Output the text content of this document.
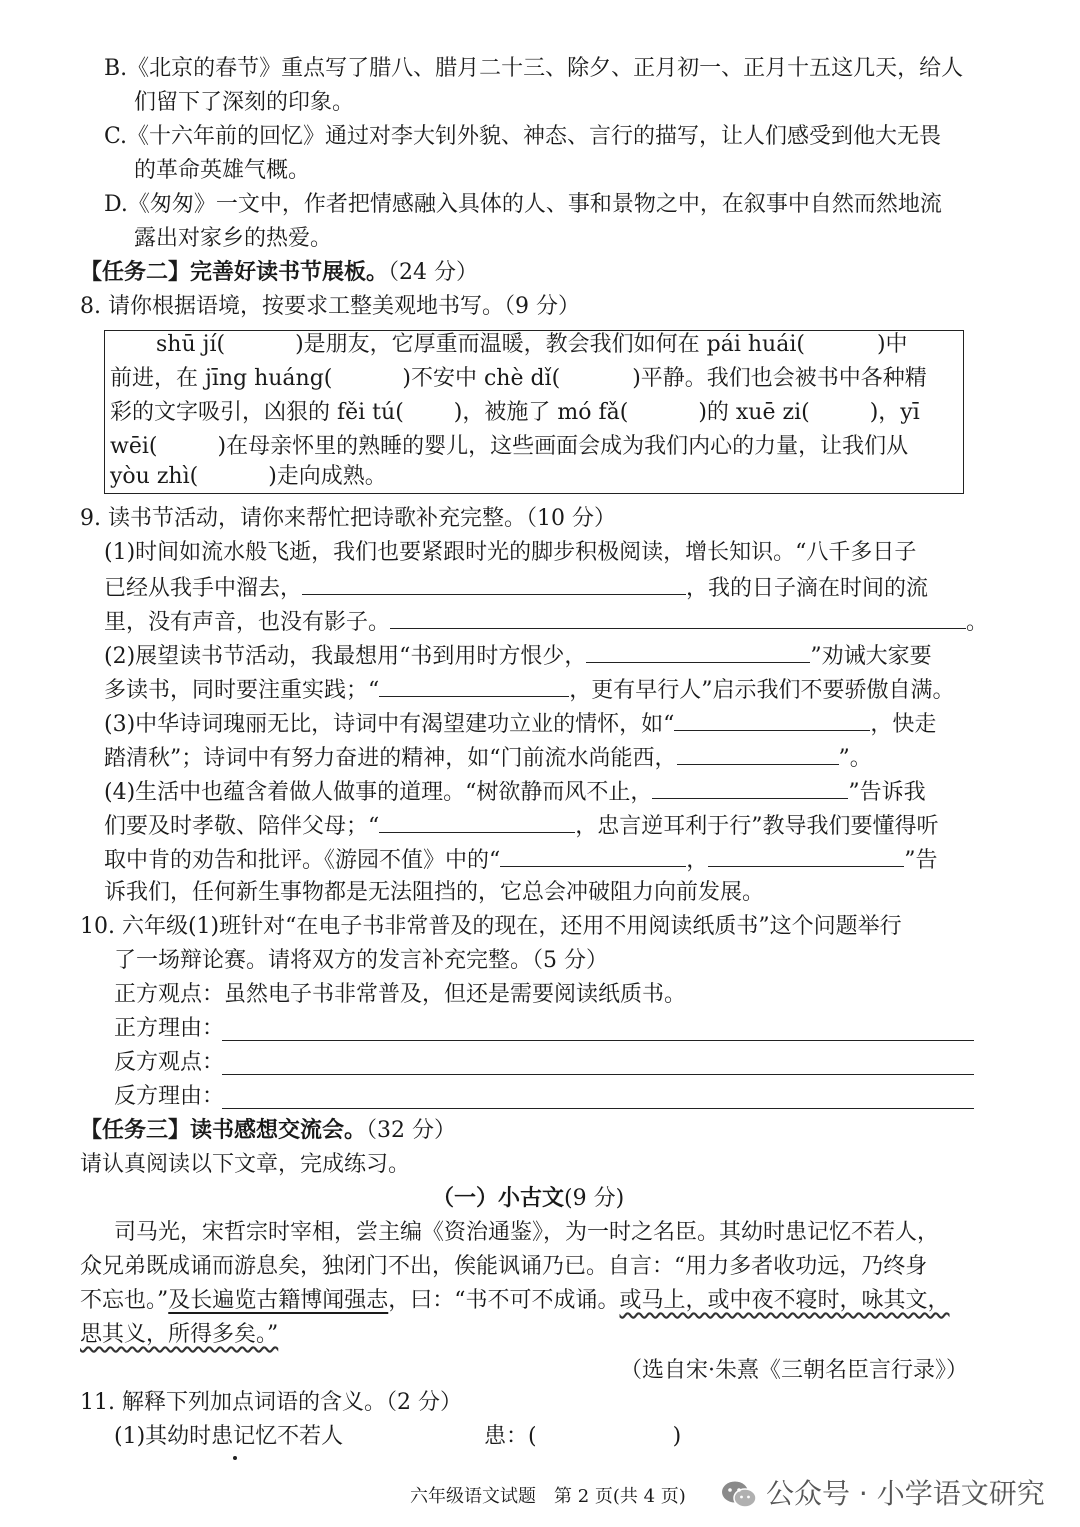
B.《北京的春节》重点写了腊八、腊月二十三、除夕、正月初一、正月十五这几天，给人
们留下了深刻的印象。
C.《十六年前的回忆》通过对李大钊外貌、神态、言行的描写，让人们感受到他大无畏
的革命英雄气概。
D.《匆匆》一文中，作者把情感融入具体的人、事和景物之中，在叙事中自然而然地流
露出对家乡的热爱。
【任务二】完善好读书节展板。（24 分）
8. 请你根据语境，按要求工整美观地书写。（9 分）
shū jí(	)是朋友，它厚重而温暖，教会我们如何在 pái huái(	)中
前进，在 jīng huáng(	)不安中 chè dǐ(	)平静。我们也会被书中各种精
彩的文字吸引，凶狠的 fěi tú( )，被施了 mó fǎ(	)的 xuē zi(	)，yī
wēi(	)在母亲怀里的熟睡的婴儿，这些画面会成为我们内心的力量，让我们从
yòu zhì(	)走向成熟。
9. 读书节活动，请你来帮忙把诗歌补充完整。（10 分）
(1)时间如流水般飞逝，我们也要紧跟时光的脚步积极阅读，增长知识。“八千多日子
已经从我手中溜去，	，我的日子滴在时间的流
里，没有声音，也没有影子。	。
(2)展望读书节活动，我最想用“书到用时方恨少，	”劝诫大家要
多读书，同时要注重实践；“	，更有早行人”启示我们不要骄傲自满。
(3)中华诗词瑰丽无比，诗词中有渴望建功立业的情怀，如“	，快走
踏清秋”；诗词中有努力奋进的精神，如“门前流水尚能西，	”。
(4)生活中也蕴含着做人做事的道理。“树欲静而风不止，	”告诉我
们要及时孝敬、陪伴父母；“	，忠言逆耳利于行”教导我们要懂得听
取中肯的劝告和批评。《游园不值》中的“	，	”告
诉我们，任何新生事物都是无法阻挡的，它总会冲破阻力向前发展。
10. 六年级(1)班针对“在电子书非常普及的现在，还用不用阅读纸质书”这个问题举行
了一场辩论赛。请将双方的发言补充完整。（5 分）
正方观点：虽然电子书非常普及，但还是需要阅读纸质书。
正方理由：
反方观点：
反方理由：
【任务三】读书感想交流会。（32 分）
请认真阅读以下文章，完成练习。
（一）小古文(9 分)
司马光，宋哲宗时宰相，尝主编《资治通鉴》，为一时之名臣。其幼时患记忆不若人，
众兄弟既成诵而游息矣，独闭门不出，俟能讽诵乃已。自言：“用力多者收功远，乃终身
不忘也。”及长遍览古籍博闻强志，曰：“书不可不成诵。或马上，或中夜不寝时，咏其文，
思其义，所得多矣。”
（选自宋·朱熹《三朝名臣言行录》）
11. 解释下列加点词语的含义。（2 分）
(1)其幼时患记忆不若人	患：(	)
六年级语文试题　第 2 页(共 4 页)	公众号 · 小学语文研究
